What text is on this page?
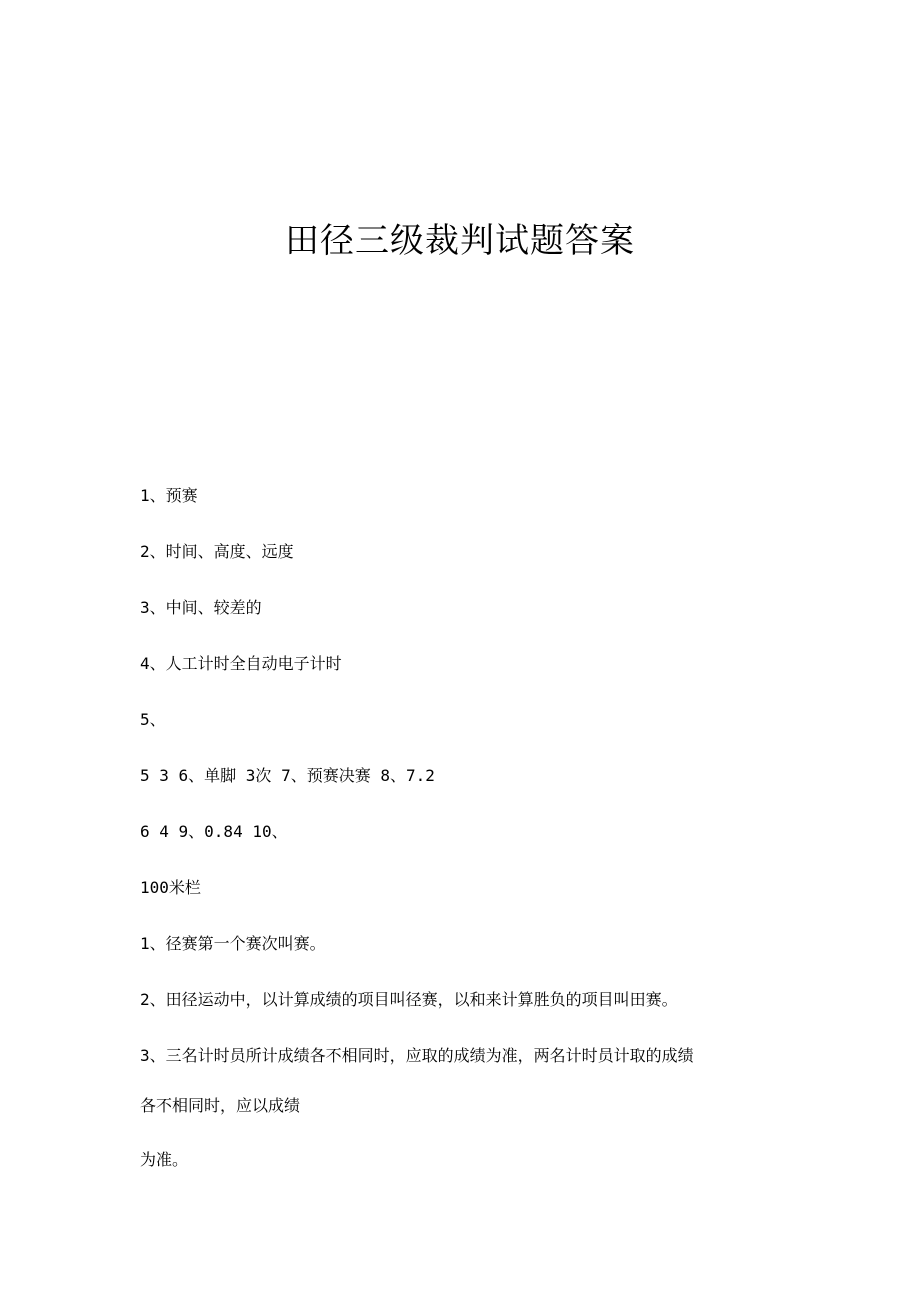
田径三级裁判试题答案
1、预赛
2、时间、高度、远度
3、中间、较差的
4、人工计时全自动电子计时
5、
5 3 6、单脚 3次 7、预赛决赛 8、7.2
6 4 9、0.84 10、
100米栏
1、径赛第一个赛次叫赛。
2、田径运动中，以计算成绩的项目叫径赛，以和来计算胜负的项目叫田赛。
3、三名计时员所计成绩各不相同时，应取的成绩为准，两名计时员计取的成绩
各不相同时，应以成绩
为准。
